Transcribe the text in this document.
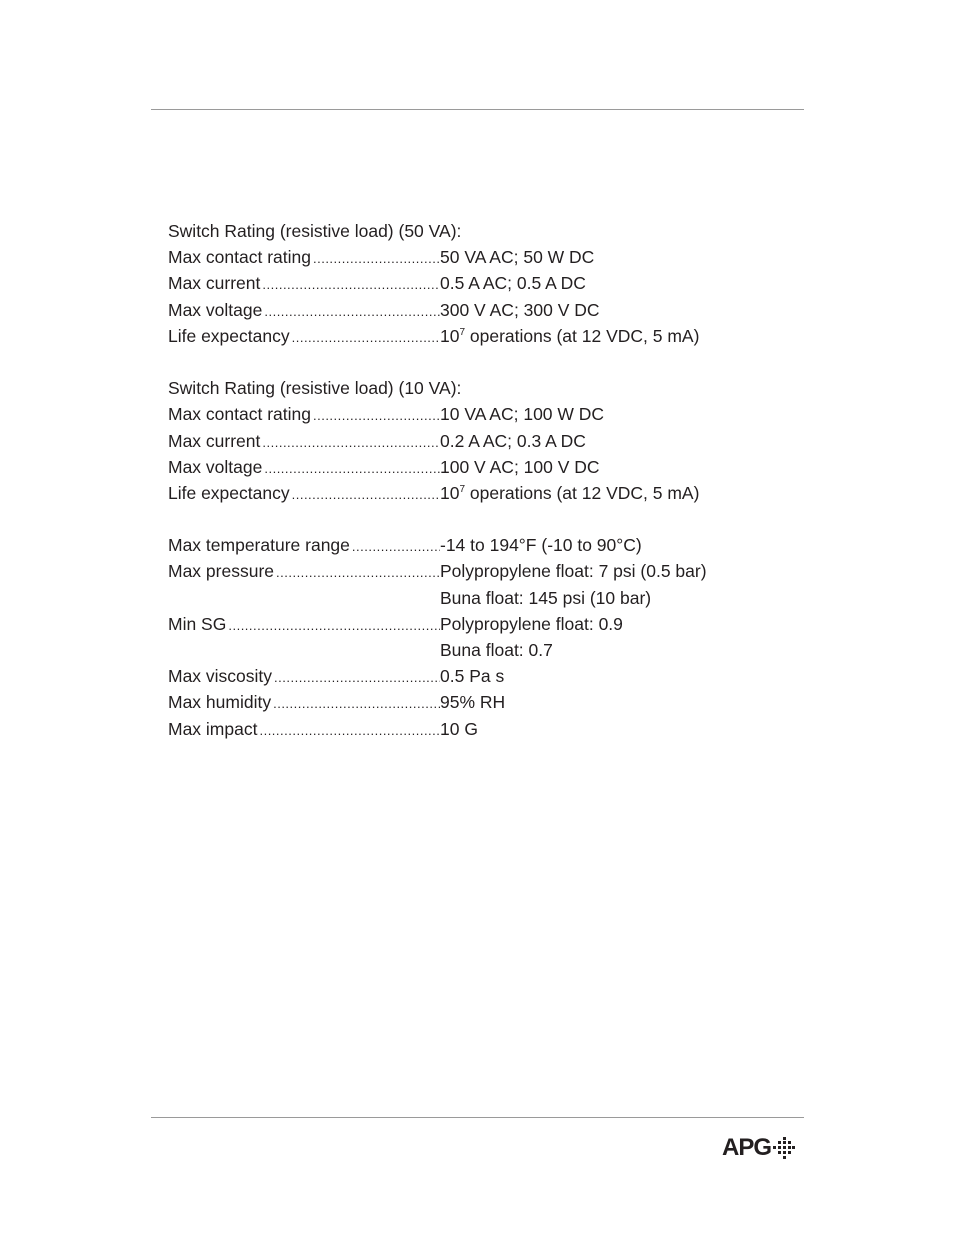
Switch Rating (resistive load) (50 VA):
Max contact rating .....	50 VA AC; 50 W DC
Max current .....	0.5 A AC; 0.5 A DC
Max voltage .....	300 V AC; 300 V DC
Life expectancy .....	$10^7$ operations (at 12 VDC, 5 mA)
Switch Rating (resistive load) (10 VA):
Max contact rating .....	10 VA AC; 100 W DC
Max current .....	0.2 A AC; 0.3 A DC
Max voltage .....	100 V AC; 100 V DC
Life expectancy .....	$10^7$ operations (at 12 VDC, 5 mA)
Max temperature range .....	-14 to 194°F (-10 to 90°C)
Max pressure .....	Polypropylene float: 7 psi (0.5 bar)
Buna float: 145 psi (10 bar)
Min SG .....	Polypropylene float: 0.9
Buna float: 0.7
Max viscosity .....	0.5 Pa s
Max humidity .....	95% RH
Max impact .....	10 G
APG
